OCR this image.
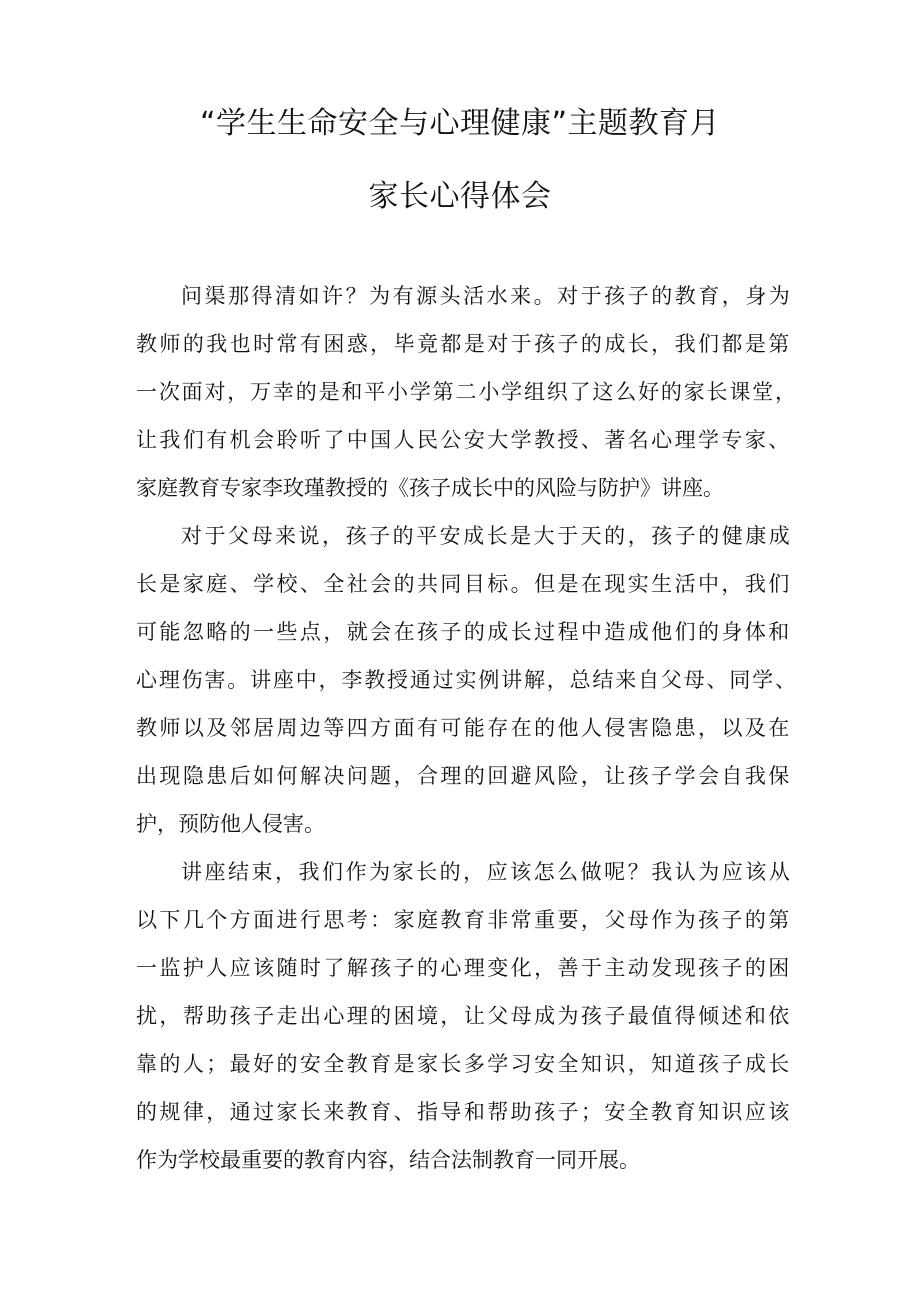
“学生生命安全与心理健康”主题教育月
家长心得体会
问渠那得清如许？为有源头活水来。对于孩子的教育，身为
教师的我也时常有困惑，毕竟都是对于孩子的成长，我们都是第
一次面对，万幸的是和平小学第二小学组织了这么好的家长课堂，
让我们有机会聆听了中国人民公安大学教授、著名心理学专家、
家庭教育专家李玫瑾教授的《孩子成长中的风险与防护》讲座。
对于父母来说，孩子的平安成长是大于天的，孩子的健康成
长是家庭、学校、全社会的共同目标。但是在现实生活中，我们
可能忽略的一些点，就会在孩子的成长过程中造成他们的身体和
心理伤害。讲座中，李教授通过实例讲解，总结来自父母、同学、
教师以及邻居周边等四方面有可能存在的他人侵害隐患，以及在
出现隐患后如何解决问题，合理的回避风险，让孩子学会自我保
护，预防他人侵害。
讲座结束，我们作为家长的，应该怎么做呢？我认为应该从
以下几个方面进行思考：家庭教育非常重要，父母作为孩子的第
一监护人应该随时了解孩子的心理变化，善于主动发现孩子的困
扰，帮助孩子走出心理的困境，让父母成为孩子最值得倾述和依
靠的人；最好的安全教育是家长多学习安全知识，知道孩子成长
的规律，通过家长来教育、指导和帮助孩子；安全教育知识应该
作为学校最重要的教育内容，结合法制教育一同开展。
